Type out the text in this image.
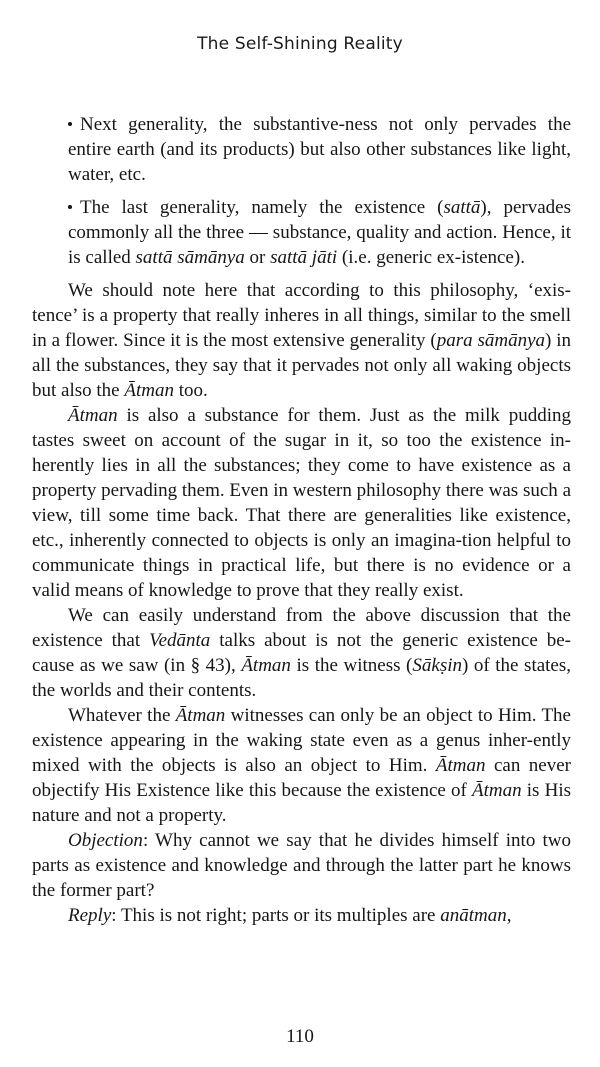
The Self-Shining Reality

Next generality, the substantive-ness not only pervades the entire earth (and its products) but also other substances like light, water, etc.

The last generality, namely the existence (sattā), pervades commonly all the three — substance, quality and action. Hence, it is called sattā sāmānya or sattā jāti (i.e. generic ex-istence).

We should note here that according to this philosophy, ‘exis-tence’ is a property that really inheres in all things, similar to the smell in a flower. Since it is the most extensive generality (para sāmānya) in all the substances, they say that it pervades not only all waking objects but also the Ātman too.

Ātman is also a substance for them. Just as the milk pudding tastes sweet on account of the sugar in it, so too the existence in-herently lies in all the substances; they come to have existence as a property pervading them. Even in western philosophy there was such a view, till some time back. That there are generalities like existence, etc., inherently connected to objects is only an imagina-tion helpful to communicate things in practical life, but there is no evidence or a valid means of knowledge to prove that they really exist.

We can easily understand from the above discussion that the existence that Vedānta talks about is not the generic existence be-cause as we saw (in § 43), Ātman is the witness (Sākṣin) of the states, the worlds and their contents.

Whatever the Ātman witnesses can only be an object to Him. The existence appearing in the waking state even as a genus inher-ently mixed with the objects is also an object to Him. Ātman can never objectify His Existence like this because the existence of Ātman is His nature and not a property.

Objection: Why cannot we say that he divides himself into two parts as existence and knowledge and through the latter part he knows the former part?

Reply: This is not right; parts or its multiples are anātman,

110
